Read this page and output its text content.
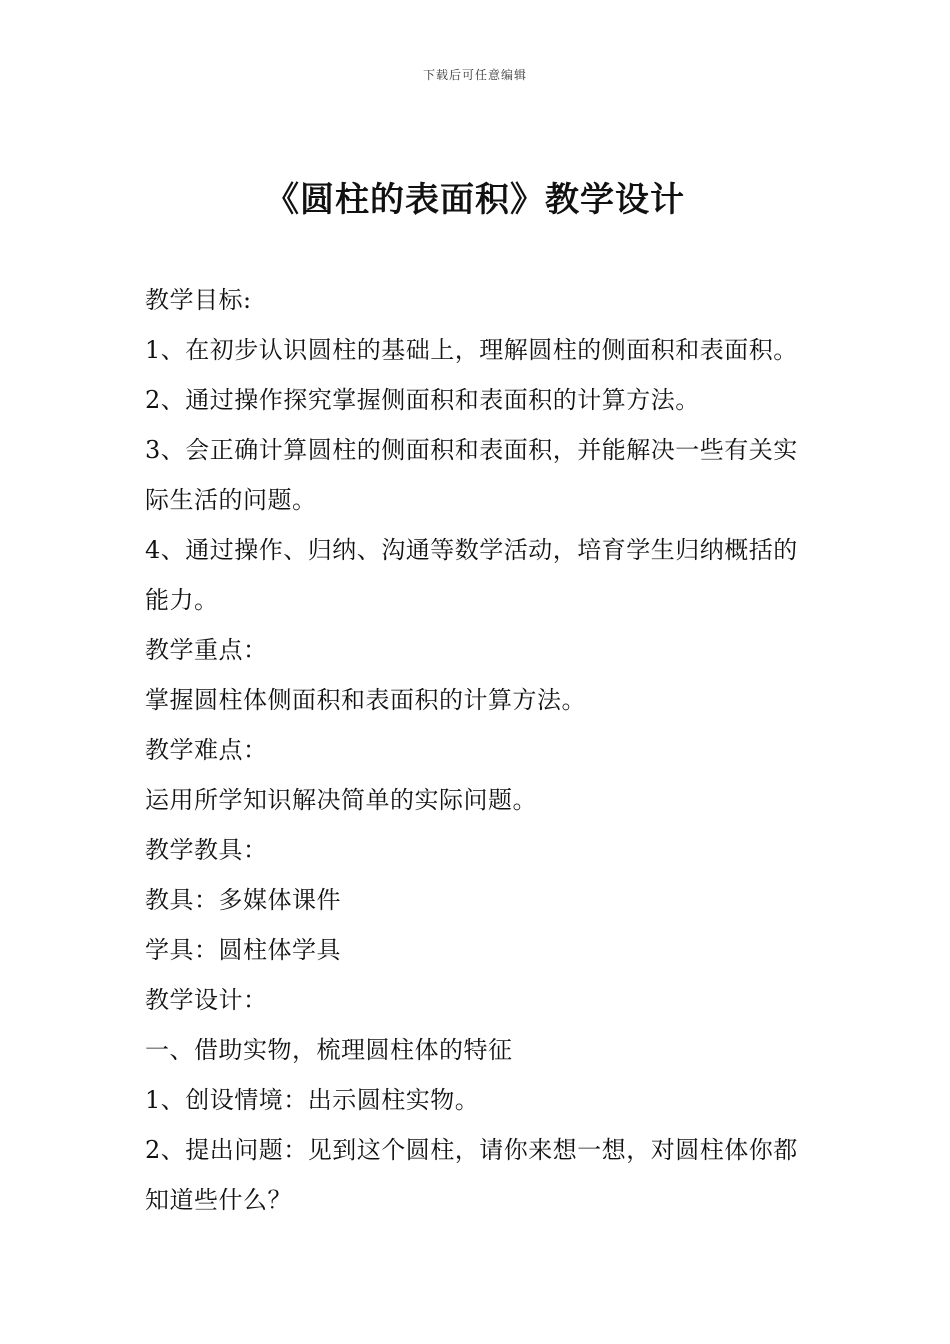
下载后可任意编辑
《圆柱的表面积》教学设计

教学目标:

1、在初步认识圆柱的基础上，理解圆柱的侧面积和表面积。

2、通过操作探究掌握侧面积和表面积的计算方法。

3、会正确计算圆柱的侧面积和表面积，并能解决一些有关实际生活的问题。

4、通过操作、归纳、沟通等数学活动，培育学生归纳概括的能力。

教学重点：

掌握圆柱体侧面积和表面积的计算方法。

教学难点：

运用所学知识解决简单的实际问题。

教学教具：

教具：多媒体课件

学具：圆柱体学具

教学设计：

一、借助实物，梳理圆柱体的特征

1、创设情境：出示圆柱实物。

2、提出问题：见到这个圆柱，请你来想一想，对圆柱体你都知道些什么？
